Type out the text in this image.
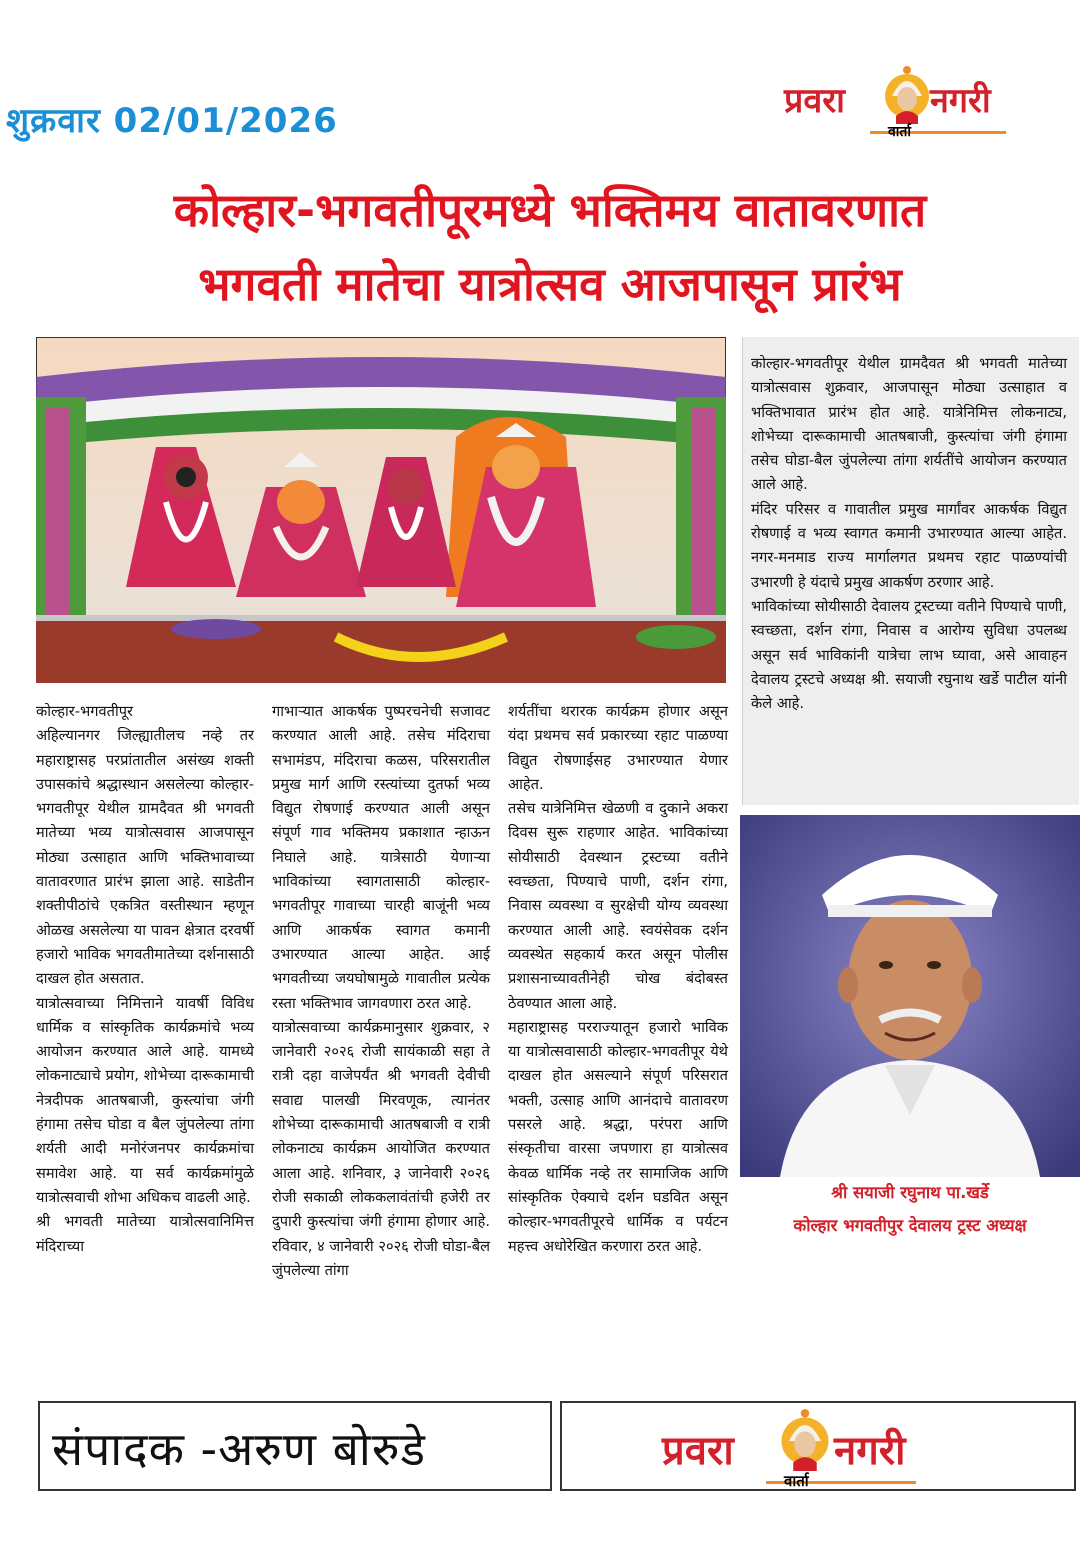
शुक्रवार 02/01/2026	प्रवरा	नगरी
वार्ता
कोल्हार-भगवतीपूरमध्ये भक्तिमय वातावरणात
भगवती मातेचा यात्रोत्सव आजपासून प्रारंभ

कोल्हार-भगवतीपूर येथील ग्रामदैवत श्री भगवती मातेच्या यात्रोत्सवास शुक्रवार, आजपासून मोठ्या उत्साहात व भक्तिभावात प्रारंभ होत आहे. यात्रेनिमित्त लोकनाट्य, शोभेच्या दारूकामाची आतषबाजी, कुस्त्यांचा जंगी हंगामा तसेच घोडा-बैल जुंपलेल्या तांगा शर्यतींचे आयोजन करण्यात आले आहे.

मंदिर परिसर व गावातील प्रमुख मार्गांवर आकर्षक विद्युत रोषणाई व भव्य स्वागत कमानी उभारण्यात आल्या आहेत. नगर-मनमाड राज्य मार्गालगत प्रथमच रहाट पाळण्यांची उभारणी हे यंदाचे प्रमुख आकर्षण ठरणार आहे.

भाविकांच्या सोयीसाठी देवालय ट्रस्टच्या वतीने पिण्याचे पाणी, स्वच्छता, दर्शन रांगा, निवास व आरोग्य सुविधा उपलब्ध असून सर्व भाविकांनी यात्रेचा लाभ घ्यावा, असे आवाहन देवालय ट्रस्टचे अध्यक्ष श्री. सयाजी रघुनाथ खर्डे पाटील यांनी केले आहे.

कोल्हार-भगवतीपूर

अहिल्यानगर जिल्ह्यातीलच नव्हे तर महाराष्ट्रासह परप्रांतातील असंख्य शक्ती उपासकांचे श्रद्धास्थान असलेल्या कोल्हार-भगवतीपूर येथील ग्रामदैवत श्री भगवती मातेच्या भव्य यात्रोत्सवास आजपासून मोठ्या उत्साहात आणि भक्तिभावाच्या वातावरणात प्रारंभ झाला आहे. साडेतीन शक्तीपीठांचे एकत्रित वस्तीस्थान म्हणून ओळख असलेल्या या पावन क्षेत्रात दरवर्षी हजारो भाविक भगवतीमातेच्या दर्शनासाठी दाखल होत असतात.

यात्रोत्सवाच्या निमित्ताने यावर्षी विविध धार्मिक व सांस्कृतिक कार्यक्रमांचे भव्य आयोजन करण्यात आले आहे. यामध्ये लोकनाट्याचे प्रयोग, शोभेच्या दारूकामाची नेत्रदीपक आतषबाजी, कुस्त्यांचा जंगी हंगामा तसेच घोडा व बैल जुंपलेल्या तांगा शर्यती आदी मनोरंजनपर कार्यक्रमांचा समावेश आहे. या सर्व कार्यक्रमांमुळे यात्रोत्सवाची शोभा अधिकच वाढली आहे.

श्री भगवती मातेच्या यात्रोत्सवानिमित्त मंदिराच्या

गाभाऱ्यात आकर्षक पुष्परचनेची सजावट करण्यात आली आहे. तसेच मंदिराचा सभामंडप, मंदिराचा कळस, परिसरातील प्रमुख मार्ग आणि रस्त्यांच्या दुतर्फा भव्य विद्युत रोषणाई करण्यात आली असून संपूर्ण गाव भक्तिमय प्रकाशात न्हाऊन निघाले आहे. यात्रेसाठी येणाऱ्या भाविकांच्या स्वागतासाठी कोल्हार-भगवतीपूर गावाच्या चारही बाजूंनी भव्य आणि आकर्षक स्वागत कमानी उभारण्यात आल्या आहेत. आई भगवतीच्या जयघोषामुळे गावातील प्रत्येक रस्ता भक्तिभाव जागवणारा ठरत आहे.

यात्रोत्सवाच्या कार्यक्रमानुसार शुक्रवार, २ जानेवारी २०२६ रोजी सायंकाळी सहा ते रात्री दहा वाजेपर्यंत श्री भगवती देवीची सवाद्य पालखी मिरवणूक, त्यानंतर शोभेच्या दारूकामाची आतषबाजी व रात्री लोकनाट्य कार्यक्रम आयोजित करण्यात आला आहे. शनिवार, ३ जानेवारी २०२६ रोजी सकाळी लोककलावंतांची हजेरी तर दुपारी कुस्त्यांचा जंगी हंगामा होणार आहे. रविवार, ४ जानेवारी २०२६ रोजी घोडा-बैल जुंपलेल्या तांगा

शर्यतींचा थरारक कार्यक्रम होणार असून यंदा प्रथमच सर्व प्रकारच्या रहाट पाळण्या विद्युत रोषणाईसह उभारण्यात येणार आहेत.

तसेच यात्रेनिमित्त खेळणी व दुकाने अकरा दिवस सुरू राहणार आहेत. भाविकांच्या सोयीसाठी देवस्थान ट्रस्टच्या वतीने स्वच्छता, पिण्याचे पाणी, दर्शन रांगा, निवास व्यवस्था व सुरक्षेची योग्य व्यवस्था करण्यात आली आहे. स्वयंसेवक दर्शन व्यवस्थेत सहकार्य करत असून पोलीस प्रशासनाच्यावतीनेही चोख बंदोबस्त ठेवण्यात आला आहे.

महाराष्ट्रासह परराज्यातून हजारो भाविक या यात्रोत्सवासाठी कोल्हार-भगवतीपूर येथे दाखल होत असल्याने संपूर्ण परिसरात भक्ती, उत्साह आणि आनंदाचे वातावरण पसरले आहे. श्रद्धा, परंपरा आणि संस्कृतीचा वारसा जपणारा हा यात्रोत्सव केवळ धार्मिक नव्हे तर सामाजिक आणि सांस्कृतिक ऐक्याचे दर्शन घडवित असून कोल्हार-भगवतीपूरचे धार्मिक व पर्यटन महत्त्व अधोरेखित करणारा ठरत आहे.

श्री सयाजी रघुनाथ पा.खर्डे
कोल्हार भगवतीपुर देवालय ट्रस्ट अध्यक्ष
संपादक -अरुण बोरुडे	प्रवरा	नगरी
वार्ता
